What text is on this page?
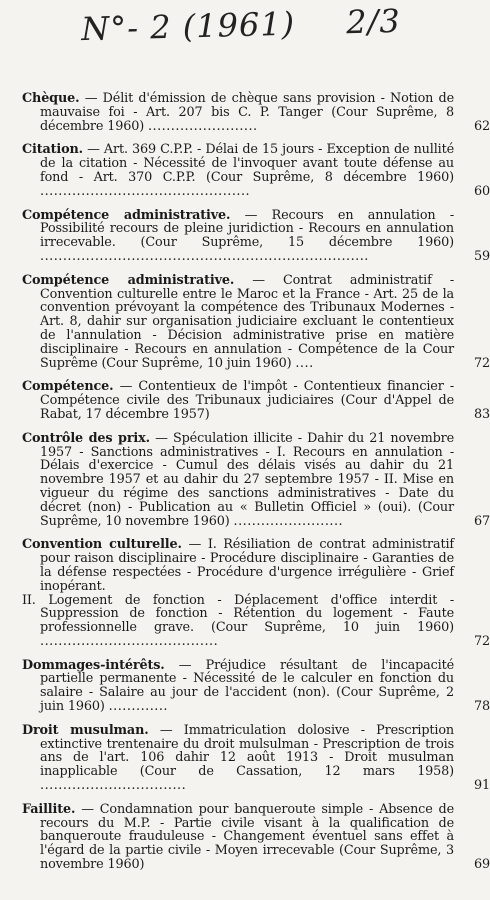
N°- 2 (1961) 2/3
Chèque. — Délit d'émission de chèque sans provision - Notion de mauvaise foi - Art. 207 bis C. P. Tanger (Cour Suprême, 8 décembre 1960) ........................	62
Citation. — Art. 369 C.P.P. - Délai de 15 jours - Exception de nullité de la citation - Nécessité de l'invoquer avant toute défense au fond - Art. 370 C.P.P. (Cour Suprême, 8 décembre 1960) ..............................................	60
Compétence administrative. — Recours en annulation - Possibilité recours de pleine juridiction - Recours en annulation irrecevable. (Cour Suprême, 15 décembre 1960) ........................................................................	59
Compétence administrative. — Contrat administratif - Convention culturelle entre le Maroc et la France - Art. 25 de la convention prévoyant la compétence des Tribunaux Modernes - Art. 8, dahir sur organisation judiciaire excluant le contentieux de l'annulation - Décision administrative prise en matière disciplinaire - Recours en annulation - Compétence de la Cour Suprême (Cour Suprême, 10 juin 1960) ....	72
Compétence. — Contentieux de l'impôt - Contentieux financier - Compétence civile des Tribunaux judiciaires (Cour d'Appel de Rabat, 17 décembre 1957)	83
Contrôle des prix. — Spéculation illicite - Dahir du 21 novembre 1957 - Sanctions administratives - I. Recours en annulation - Délais d'exercice - Cumul des délais visés au dahir du 21 novembre 1957 et au dahir du 27 septembre 1957 - II. Mise en vigueur du régime des sanctions administratives - Date du décret (non) - Publication au « Bulletin Officiel » (oui). (Cour Suprême, 10 novembre 1960) ........................	67
Convention culturelle. — I. Résiliation de contrat administratif pour raison disciplinaire - Procédure disciplinaire - Garanties de la défense respectées - Procédure d'urgence irrégulière - Grief inopérant.
II. Logement de fonction - Déplacement d'office interdit - Suppression de fonction - Rétention du logement - Faute professionnelle grave. (Cour Suprême, 10 juin 1960) .......................................	72
Dommages-intérêts. — Préjudice résultant de l'incapacité partielle permanente - Nécessité de le calculer en fonction du salaire - Salaire au jour de l'accident (non). (Cour Suprême, 2 juin 1960) .............	78
Droit musulman. — Immatriculation dolosive - Prescription extinctive trentenaire du droit mulsulman - Prescription de trois ans de l'art. 106 dahir 12 août 1913 - Droit musulman inapplicable (Cour de Cassation, 12 mars 1958) ................................	91
Faillite. — Condamnation pour banqueroute simple - Absence de recours du M.P. - Partie civile visant à la qualification de banqueroute frauduleuse - Changement éventuel sans effet à l'égard de la partie civile - Moyen irrecevable (Cour Suprême, 3 novembre 1960)	69
